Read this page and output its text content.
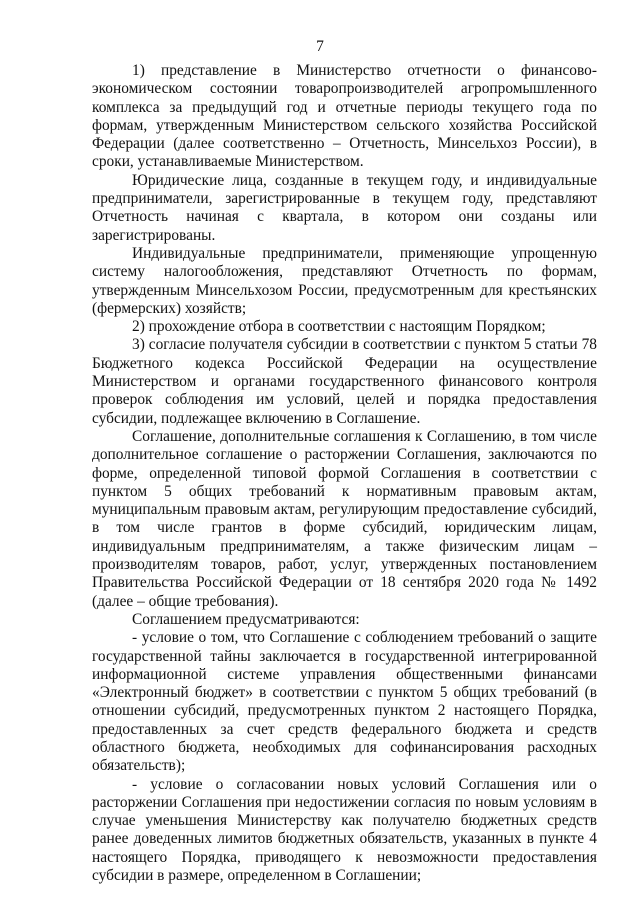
7

1) представление в Министерство отчетности о финансово-экономическом состоянии товаропроизводителей агропромышленного комплекса за предыдущий год и отчетные периоды текущего года по формам, утвержденным Министерством сельского хозяйства Российской Федерации (далее соответственно – Отчетность, Минсельхоз России), в сроки, устанавливаемые Министерством.

Юридические лица, созданные в текущем году, и индивидуальные предприниматели, зарегистрированные в текущем году, представляют Отчетность начиная с квартала, в котором они созданы или зарегистрированы.

Индивидуальные предприниматели, применяющие упрощенную систему налогообложения, представляют Отчетность по формам, утвержденным Минсельхозом России, предусмотренным для крестьянских (фермерских) хозяйств;

2) прохождение отбора в соответствии с настоящим Порядком;

3) согласие получателя субсидии в соответствии с пунктом 5 статьи 78 Бюджетного кодекса Российской Федерации на осуществление Министерством и органами государственного финансового контроля проверок соблюдения им условий, целей и порядка предоставления субсидии, подлежащее включению в Соглашение.

Соглашение, дополнительные соглашения к Соглашению, в том числе дополнительное соглашение о расторжении Соглашения, заключаются по форме, определенной типовой формой Соглашения в соответствии с пунктом 5 общих требований к нормативным правовым актам, муниципальным правовым актам, регулирующим предоставление субсидий, в том числе грантов в форме субсидий, юридическим лицам, индивидуальным предпринимателям, а также физическим лицам – производителям товаров, работ, услуг, утвержденных постановлением Правительства Российской Федерации от 18 сентября 2020 года № 1492 (далее – общие требования).

Соглашением предусматриваются:

- условие о том, что Соглашение с соблюдением требований о защите государственной тайны заключается в государственной интегрированной информационной системе управления общественными финансами «Электронный бюджет» в соответствии с пунктом 5 общих требований (в отношении субсидий, предусмотренных пунктом 2 настоящего Порядка, предоставленных за счет средств федерального бюджета и средств областного бюджета, необходимых для софинансирования расходных обязательств);

- условие о согласовании новых условий Соглашения или о расторжении Соглашения при недостижении согласия по новым условиям в случае уменьшения Министерству как получателю бюджетных средств ранее доведенных лимитов бюджетных обязательств, указанных в пункте 4 настоящего Порядка, приводящего к невозможности предоставления субсидии в размере, определенном в Соглашении;
